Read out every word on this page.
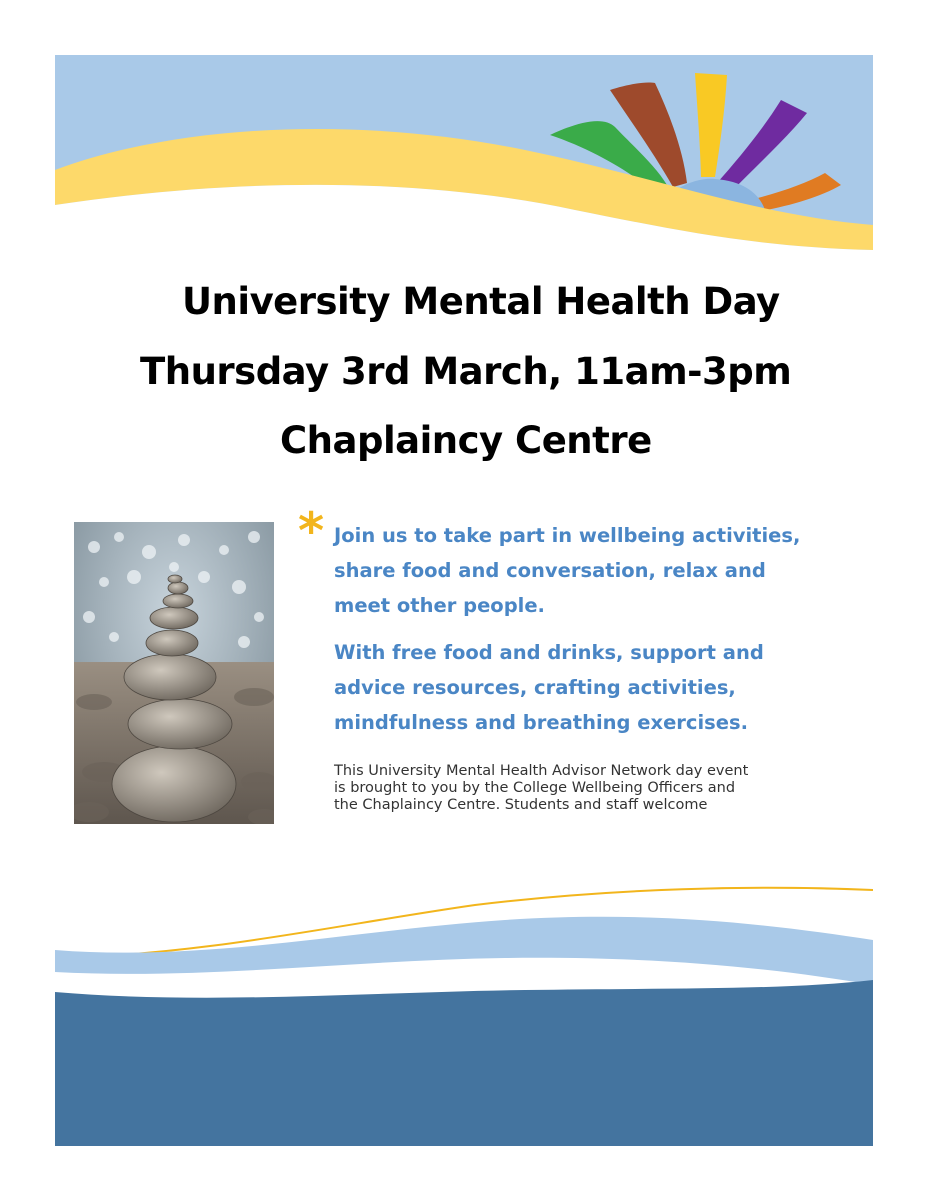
University Mental Health Day
Thursday 3rd March, 11am-3pm
Chaplaincy Centre
* Join us to take part in wellbeing activities,
share food and conversation, relax and
meet other people.
With free food and drinks, support and
advice resources, crafting activities,
mindfulness and breathing exercises.
This University Mental Health Advisor Network day event
is brought to you by the College Wellbeing Officers and
the Chaplaincy Centre. Students and staff welcome
